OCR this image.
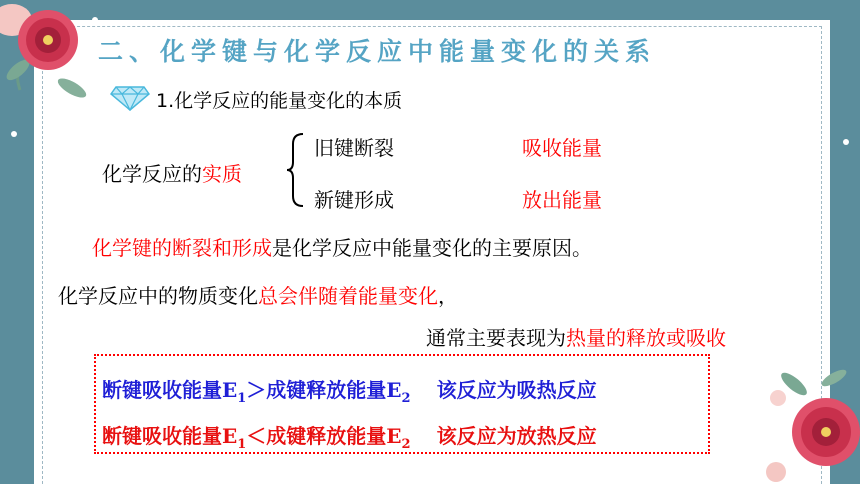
二、化学键与化学反应中能量变化的关系
1.化学反应的能量变化的本质
化学反应的实质
旧键断裂	吸收能量
新键形成	放出能量
化学键的断裂和形成是化学反应中能量变化的主要原因。
化学反应中的物质变化总会伴随着能量变化，
通常主要表现为热量的释放或吸收
断键吸收能量$E_1>$成键释放能量$E_2$ 该反应为吸热反应
断键吸收能量$E_1<$成键释放能量$E_2$ 该反应为放热反应
